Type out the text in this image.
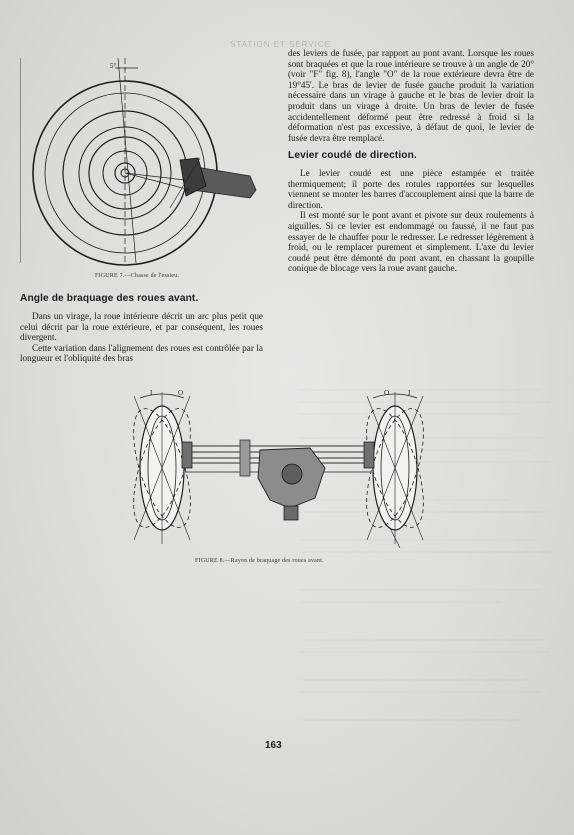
STATION ET SERVICE
5°
FIGURE 7.—Chasse de l'essieu.
Angle de braquage des roues avant.

Dans un virage, la roue intérieure décrit un arc plus petit que celui décrit par la roue extérieure, et par conséquent, les roues divergent.

Cette variation dans l'alignement des roues est contrôlée par la longueur et l'obliquité des bras

des leviers de fusée, par rapport au pont avant. Lorsque les roues sont braquées et que la roue intérieure se trouve à un angle de 20° (voir "F" fig. 8), l'angle "O" de la roue extérieure devra être de 19°45'. Le bras de levier de fusée gauche produit la variation nécessaire dans un virage à gauche et le bras de levier droit la produit dans un virage à droite. Un bras de levier de fusée accidentellement déformé peut être redressé à froid si la déformation n'est pas excessive, à défaut de quoi, le levier de fusée devra être remplacé.

Levier coudé de direction.

Le levier coudé est une pièce estampée et traitée thermiquement; il porte des rotules rapportées sur lesquelles viennent se monter les barres d'accouplement ainsi que la barre de direction.

Il est monté sur le pont avant et pivote sur deux roulements à aiguilles. Si ce levier est endommagé ou faussé, il ne faut pas essayer de le chauffer pour le redresser. Le redresser légèrement à froid, ou le remplacer purement et simplement. L'axe du levier coudé peut être démonté du pont avant, en chassant la goupille conique de blocage vers la roue avant gauche.

I	O	I
O
FIGURE 8.—Rayon de braquage des roues avant.
163
